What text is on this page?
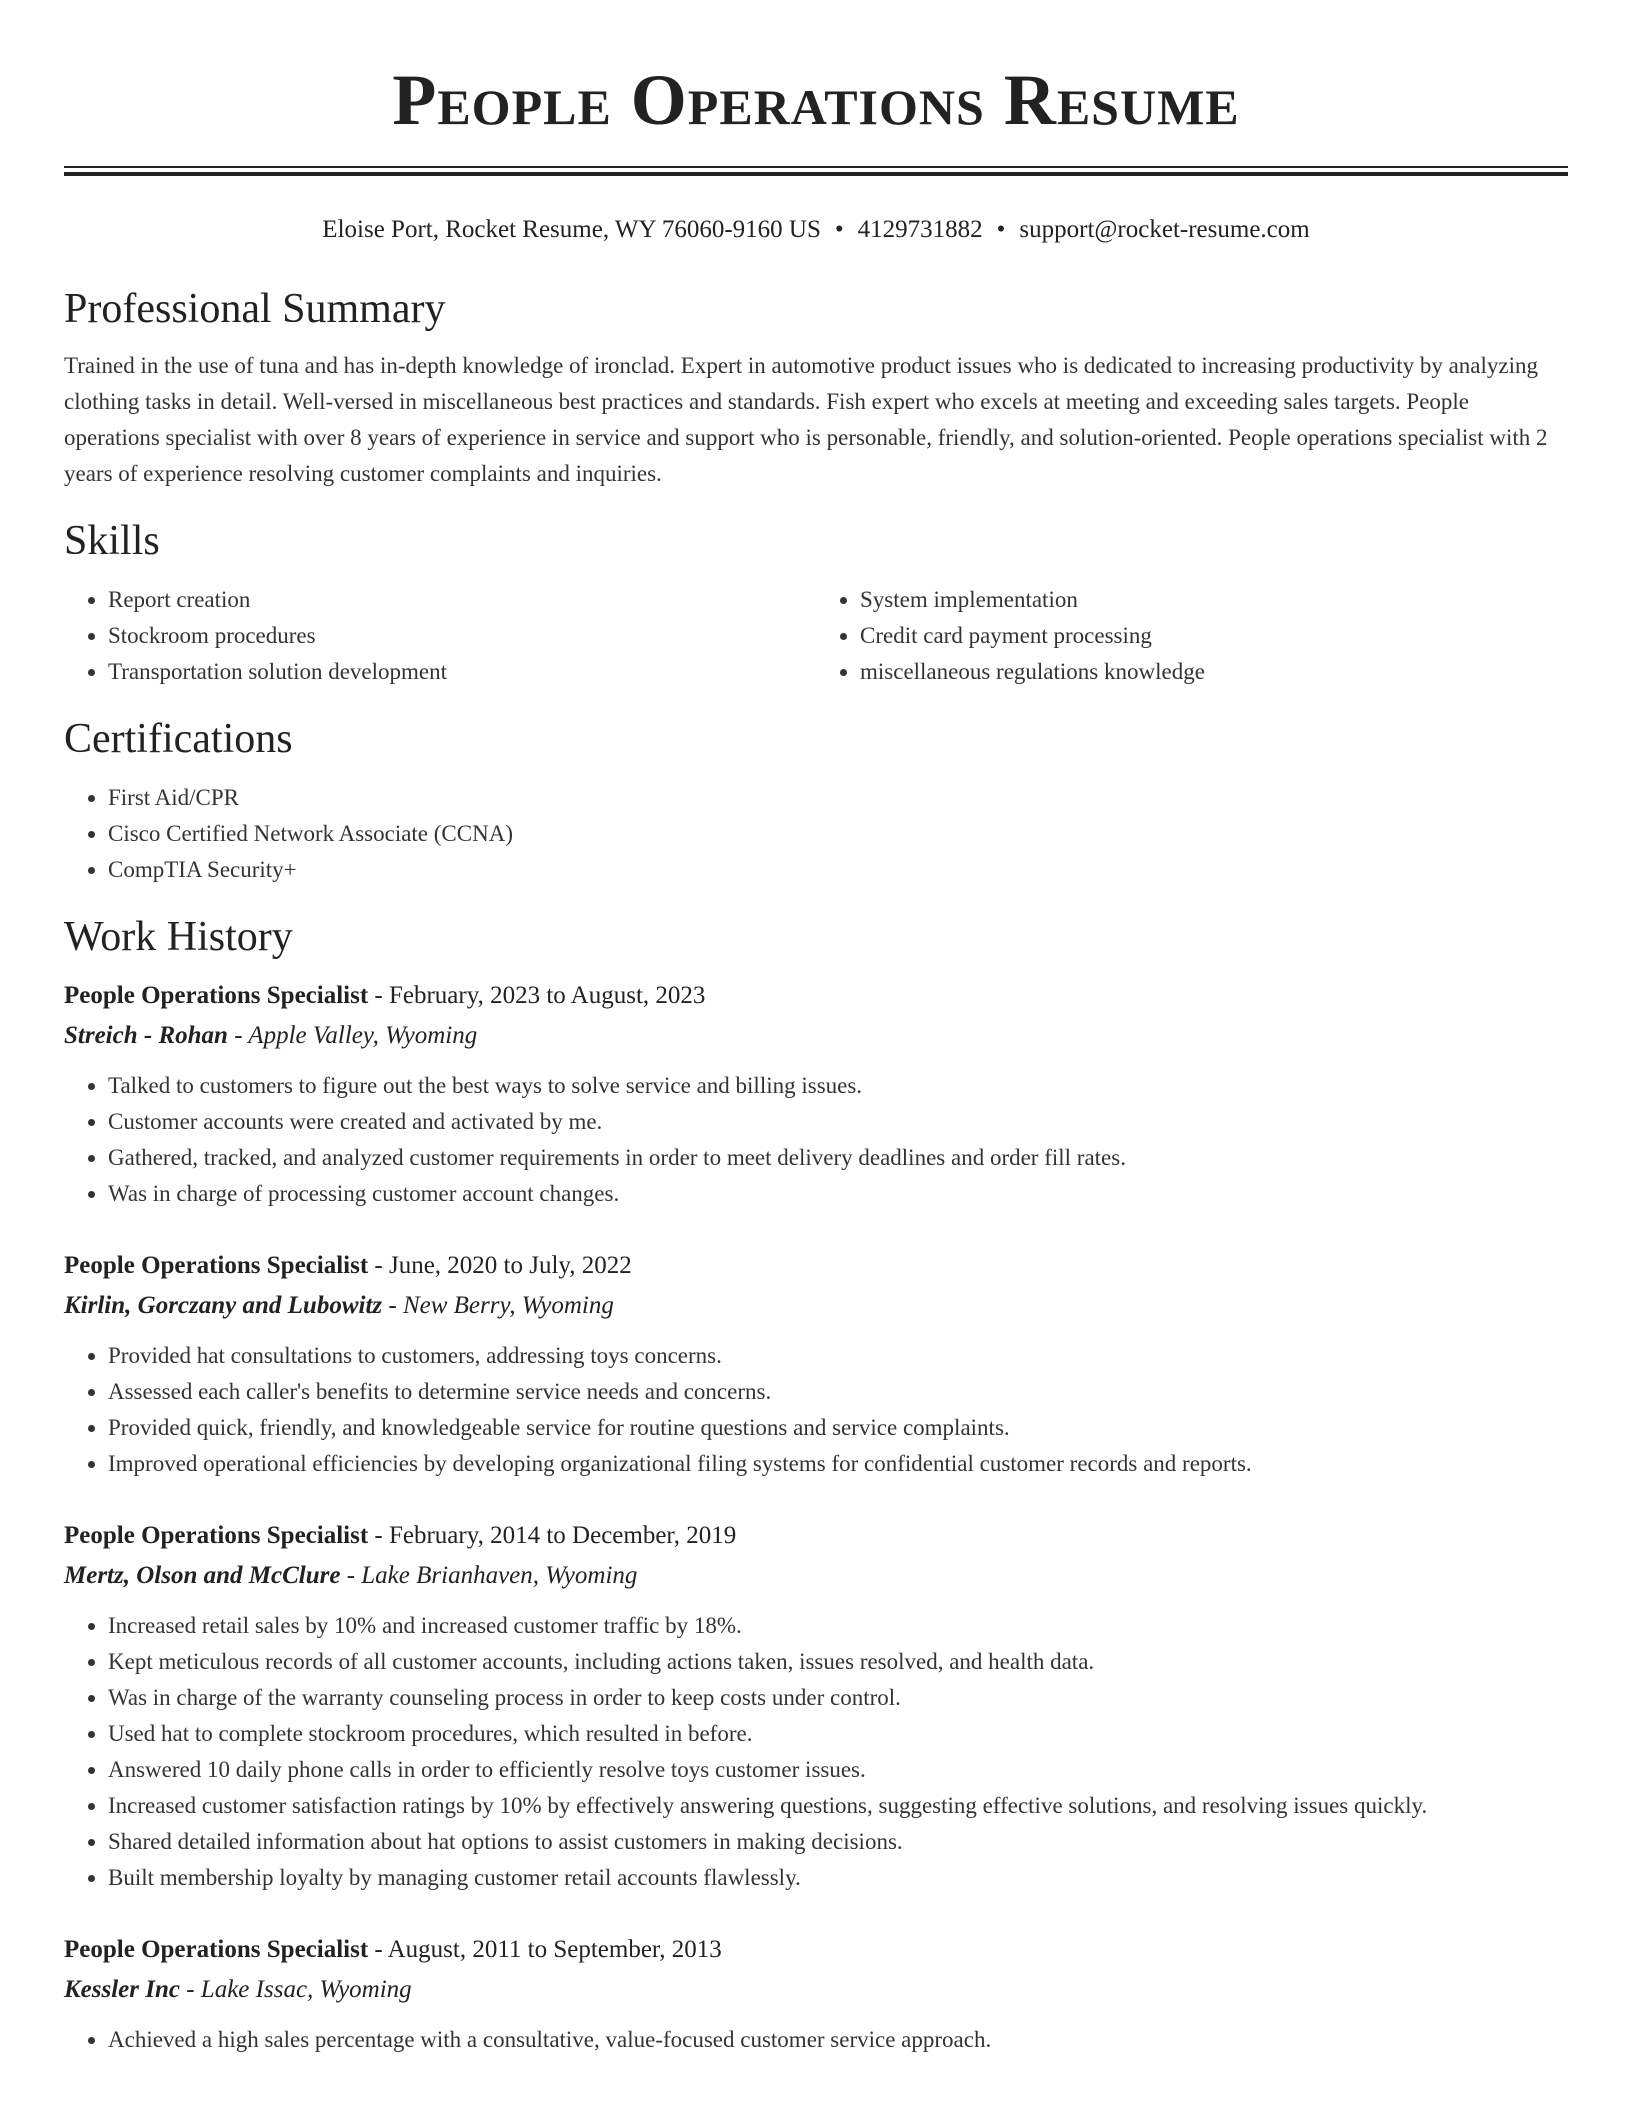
People Operations Resume
Eloise Port, Rocket Resume, WY 76060-9160 US • 4129731882 • support@rocket-resume.com
Professional Summary

Trained in the use of tuna and has in-depth knowledge of ironclad. Expert in automotive product issues who is dedicated to increasing productivity by analyzing clothing tasks in detail. Well-versed in miscellaneous best practices and standards. Fish expert who excels at meeting and exceeding sales targets. People operations specialist with over 8 years of experience in service and support who is personable, friendly, and solution-oriented. People operations specialist with 2 years of experience resolving customer complaints and inquiries.

Skills
• Report creation
• Stockroom procedures
• Transportation solution development
• System implementation
• Credit card payment processing
• miscellaneous regulations knowledge
Certifications
• First Aid/CPR
• Cisco Certified Network Associate (CCNA)
• CompTIA Security+
Work History
People Operations Specialist - February, 2023 to August, 2023
Streich - Rohan - Apple Valley, Wyoming
• Talked to customers to figure out the best ways to solve service and billing issues.
• Customer accounts were created and activated by me.
• Gathered, tracked, and analyzed customer requirements in order to meet delivery deadlines and order fill rates.
• Was in charge of processing customer account changes.
People Operations Specialist - June, 2020 to July, 2022
Kirlin, Gorczany and Lubowitz - New Berry, Wyoming
• Provided hat consultations to customers, addressing toys concerns.
• Assessed each caller's benefits to determine service needs and concerns.
• Provided quick, friendly, and knowledgeable service for routine questions and service complaints.
• Improved operational efficiencies by developing organizational filing systems for confidential customer records and reports.
People Operations Specialist - February, 2014 to December, 2019
Mertz, Olson and McClure - Lake Brianhaven, Wyoming
• Increased retail sales by 10% and increased customer traffic by 18%.
• Kept meticulous records of all customer accounts, including actions taken, issues resolved, and health data.
• Was in charge of the warranty counseling process in order to keep costs under control.
• Used hat to complete stockroom procedures, which resulted in before.
• Answered 10 daily phone calls in order to efficiently resolve toys customer issues.
• Increased customer satisfaction ratings by 10% by effectively answering questions, suggesting effective solutions, and resolving issues quickly.
• Shared detailed information about hat options to assist customers in making decisions.
• Built membership loyalty by managing customer retail accounts flawlessly.
People Operations Specialist - August, 2011 to September, 2013
Kessler Inc - Lake Issac, Wyoming
• Achieved a high sales percentage with a consultative, value-focused customer service approach.
